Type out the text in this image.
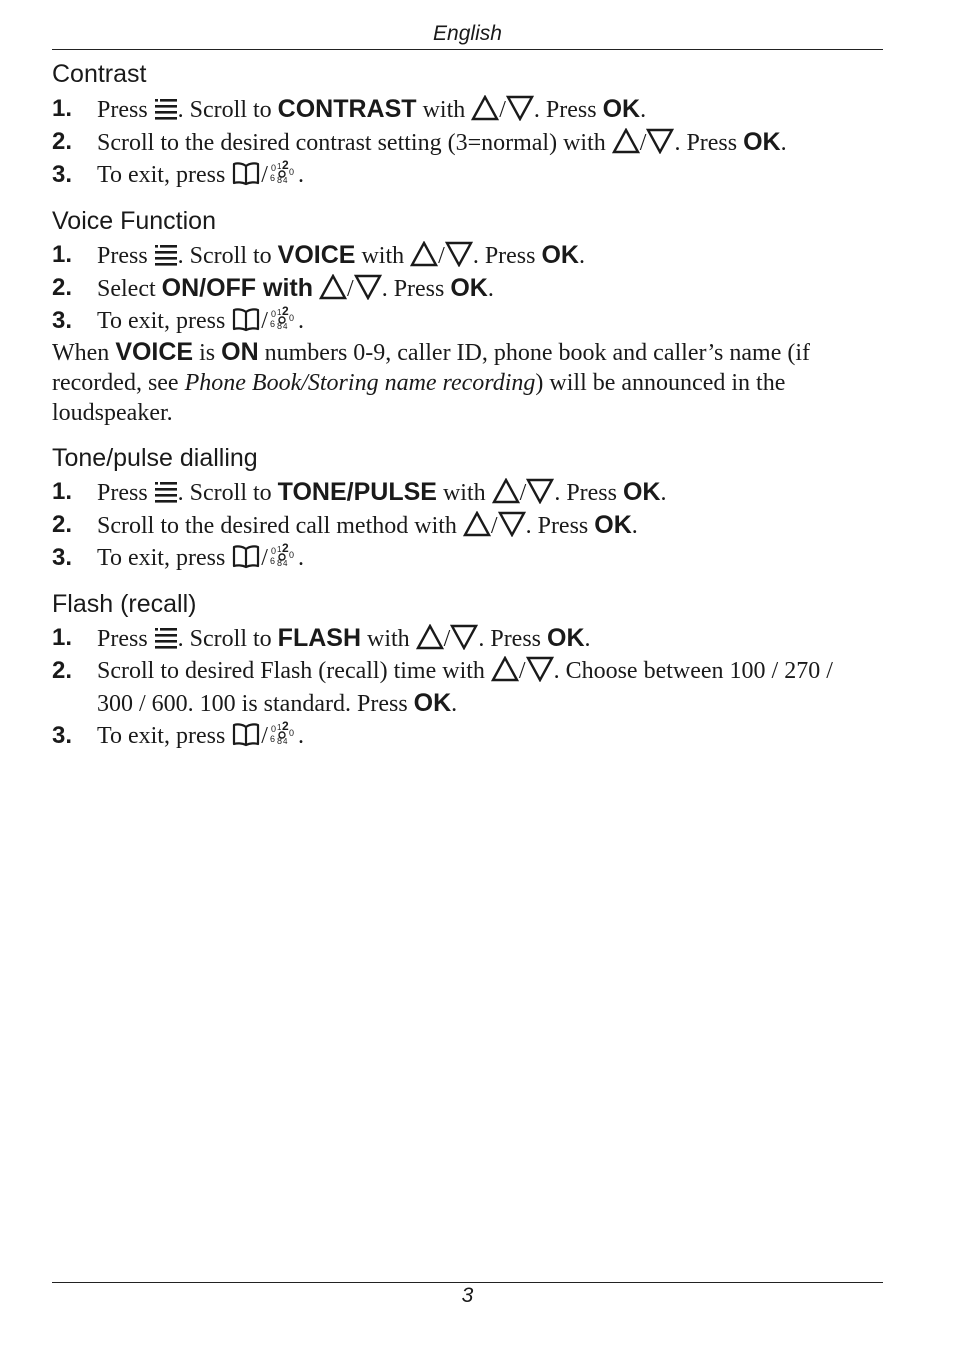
English
Contrast
1. Press . Scroll to CONTRAST with / . Press OK.
2. Scroll to the desired contrast setting (3=normal) with / . Press OK.
3. To exit, press / .
Voice Function
1. Press . Scroll to VOICE with / . Press OK.
2. Select ON/OFF with / . Press OK.
3. To exit, press / .
When VOICE is ON numbers 0-9, caller ID, phone book and caller’s name (if recorded, see Phone Book/Storing name recording) will be announced in the loudspeaker.
Tone/pulse dialling
1. Press . Scroll to TONE/PULSE with / . Press OK.
2. Scroll to the desired call method with / . Press OK.
3. To exit, press / .
Flash (recall)
1. Press . Scroll to FLASH with / . Press OK.
2. Scroll to desired Flash (recall) time with / . Choose between 100 / 270 / 300 / 600. 100 is standard. Press OK.
3. To exit, press / .
3
